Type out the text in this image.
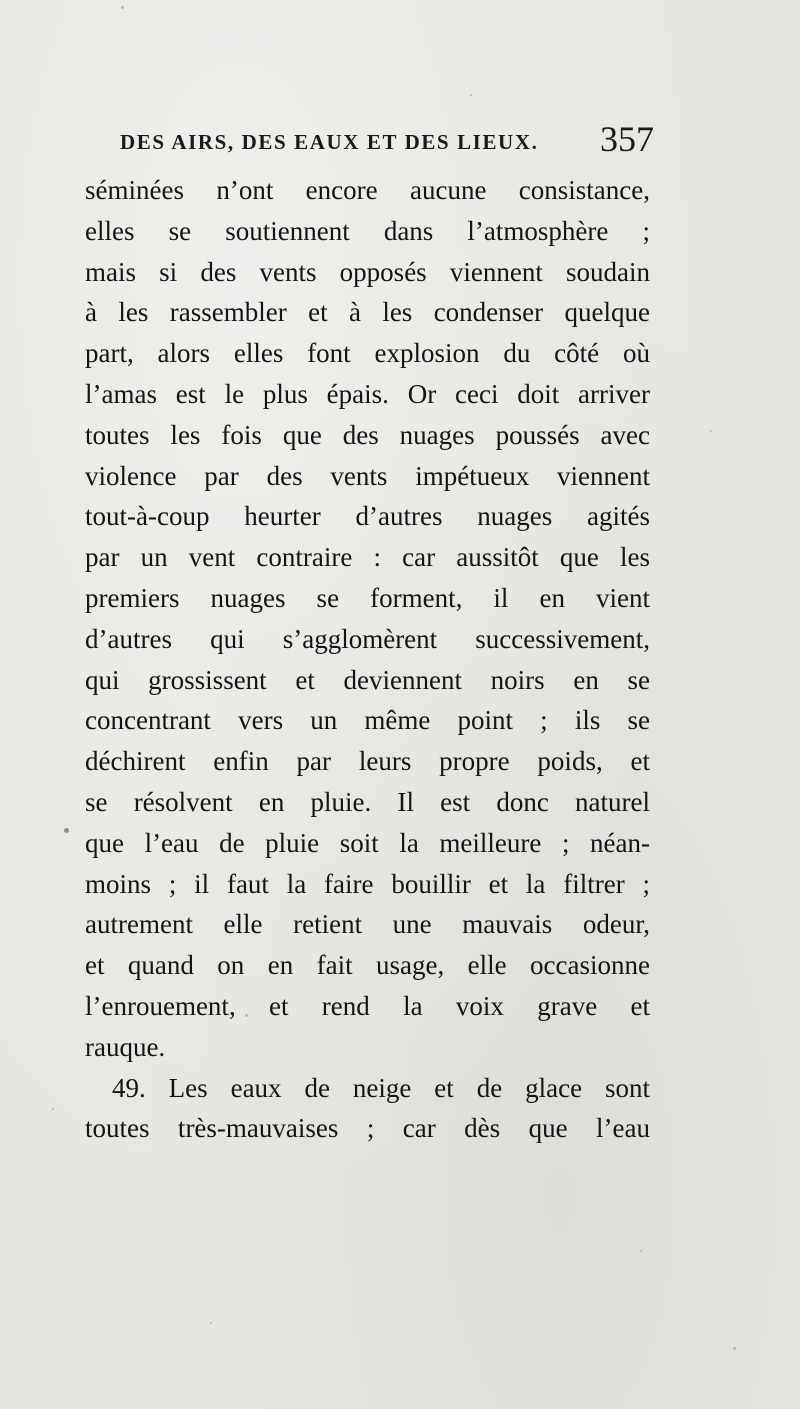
DES AIRS, DES EAUX ET DES LIEUX. 357
séminées n’ont encore aucune consistance,
elles se soutiennent dans l’atmosphère ;
mais si des vents opposés viennent soudain
à les rassembler et à les condenser quelque
part, alors elles font explosion du côté où
l’amas est le plus épais. Or ceci doit arriver
toutes les fois que des nuages poussés avec
violence par des vents impétueux viennent
tout-à-coup heurter d’autres nuages agités
par un vent contraire : car aussitôt que les
premiers nuages se forment, il en vient
d’autres qui s’agglomèrent successivement,
qui grossissent et deviennent noirs en se
concentrant vers un même point ; ils se
déchirent enfin par leurs propre poids, et
se résolvent en pluie. Il est donc naturel
que l’eau de pluie soit la meilleure ; néan-
moins ; il faut la faire bouillir et la filtrer ;
autrement elle retient une mauvais odeur,
et quand on en fait usage, elle occasionne
l’enrouement, et rend la voix grave et
rauque.
49. Les eaux de neige et de glace sont
toutes très-mauvaises ; car dès que l’eau
